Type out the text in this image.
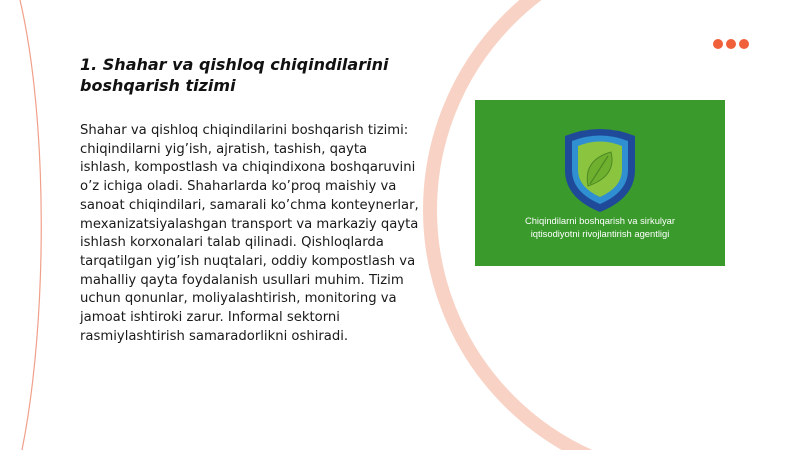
1. Shahar va qishloq chiqindilarini boshqarish tizimi

Shahar va qishloq chiqindilarini boshqarish tizimi: chiqindilarni yig’ish, ajratish, tashish, qayta ishlash, kompostlash va chiqindixona boshqaruvini o’z ichiga oladi. Shaharlarda ko’proq maishiy va sanoat chiqindilari, samarali ko’chma konteynerlar, mexanizatsiyalashgan transport va markaziy qayta ishlash korxonalari talab qilinadi. Qishloqlarda tarqatilgan yig’ish nuqtalari, oddiy kompostlash va mahalliy qayta foydalanish usullari muhim. Tizim uchun qonunlar, moliyalashtirish, monitoring va jamoat ishtiroki zarur. Informal sektorni rasmiylashtirish samaradorlikni oshiradi.

Chiqindilarni boshqarish va sirkulyar
iqtisodiyotni rivojlantirish agentligi
